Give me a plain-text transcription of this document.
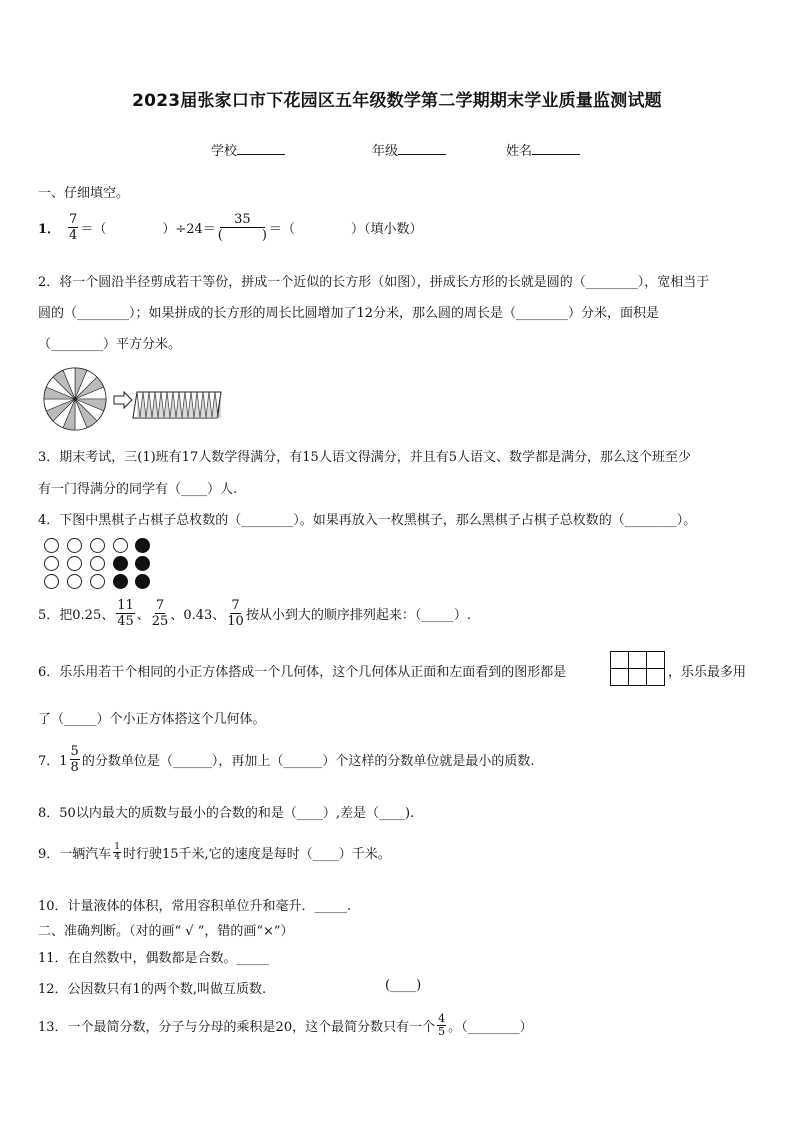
2023届张家口市下花园区五年级数学第二学期期末学业质量监测试题
学校	年级	姓名
一、仔细填空。
1． $\frac{7}{4}$ ＝（	）$\div 24= \frac{35}{( )}$ ＝（	）（填小数）
2．将一个圆沿半径剪成若干等份，拼成一个近似的长方形（如图），拼成长方形的长就是圆的（________），宽相当于
圆的（________）；如果拼成的长方形的周长比圆增加了12分米，那么圆的周长是（________）分米，面积是
（________）平方分米。
3．期末考试，三(1)班有17人数学得满分，有15人语文得满分，并且有5人语文、数学都是满分，那么这个班至少
有一门得满分的同学有（____）人.
4．下图中黑棋子占棋子总枚数的（________）。如果再放入一枚黑棋子，那么黑棋子占棋子总枚数的（________）。
5．把0.25、 $\frac{11}{45}$ 、 $\frac{7}{25}$ 、0.43、 $\frac{7}{10}$ 按从小到大的顺序排列起来：（_____）.
6．乐乐用若干个相同的小正方体搭成一个几何体，这个几何体从正面和左面看到的图形都是	，乐乐最多用
了（_____）个小正方体搭这个几何体。
7．$1 \frac{5}{8}$ 的分数单位是（______），再加上（______）个这样的分数单位就是最小的质数.
8．50以内最大的质数与最小的合数的和是（____）,差是（____).
9．一辆汽车 $\frac{1}{4}$ 时行驶15千米,它的速度是每时（____）千米。
10．计量液体的体积，常用容积单位升和毫升．_____.
二、准确判断。（对的画“ √ ”，错的画“×”）
11．在自然数中，偶数都是合数。_____
12．公因数只有1的两个数,叫做互质数.	(____)
13．一个最简分数，分子与分母的乘积是20，这个最简分数只有一个 $\frac{4}{5}$ 。（________）
